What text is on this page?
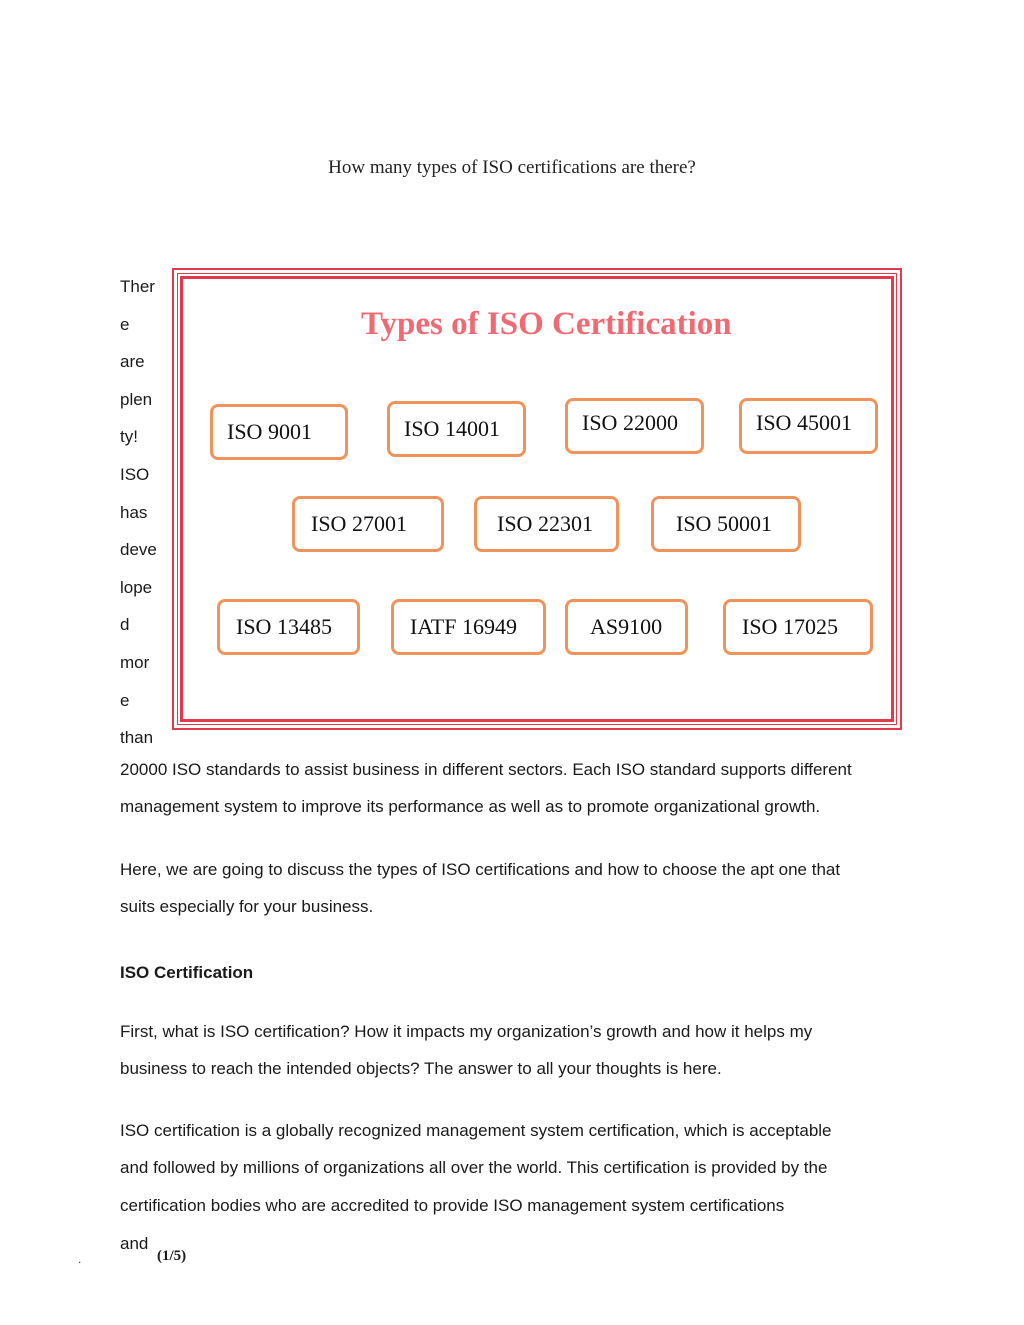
How many types of ISO certifications are there?
Ther
e
are
plen
ty!
ISO
has
deve
lope
d
mor
e
than
Types of ISO Certification
ISO 9001	ISO 14001	ISO 22000	ISO 45001
ISO 27001	ISO 22301	ISO 50001
ISO 13485	IATF 16949	AS9100	ISO 17025
20000 ISO standards to assist business in different sectors. Each ISO standard supports different
management system to improve its performance as well as to promote organizational growth.
Here, we are going to discuss the types of ISO certifications and how to choose the apt one that
suits especially for your business.
ISO Certification
First, what is ISO certification? How it impacts my organization’s growth and how it helps my
business to reach the intended objects? The answer to all your thoughts is here.
ISO certification is a globally recognized management system certification, which is acceptable
and followed by millions of organizations all over the world. This certification is provided by the
certification bodies who are accredited to provide ISO management system certifications
and
.	(1/5)
